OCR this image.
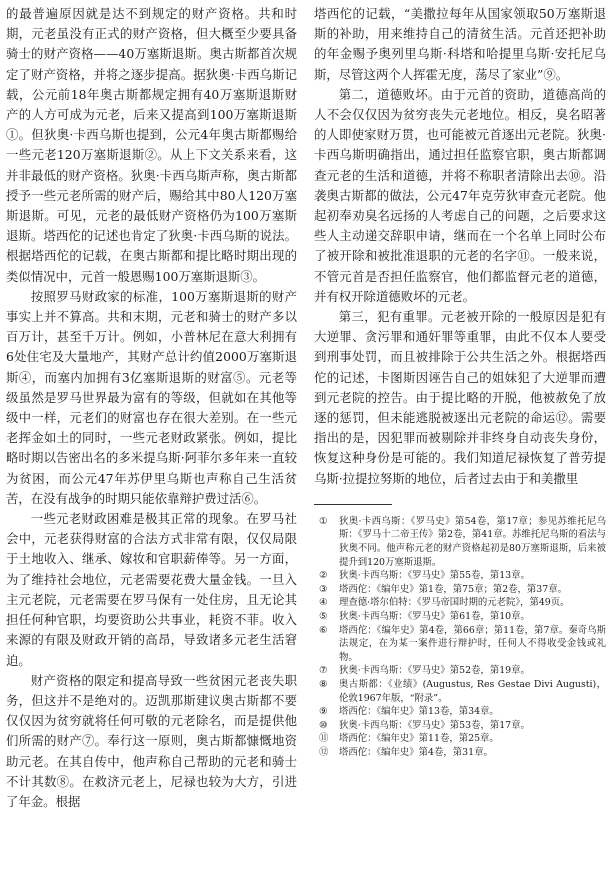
的最普遍原因就是达不到规定的财产资格。共和时期，元老虽没有正式的财产资格，但大概至少要具备骑士的财产资格——40万塞斯退斯。奥古斯都首次规定了财产资格，并将之逐步提高。据狄奥·卡西乌斯记载，公元前18年奥古斯都规定拥有40万塞斯退斯财产的人方可成为元老，后来又提高到100万塞斯退斯①。但狄奥·卡西乌斯也提到，公元4年奥古斯都赐给一些元老120万塞斯退斯②。从上下文关系来看，这并非最低的财产资格。狄奥·卡西乌斯声称，奥古斯都授予一些元老所需的财产后，赐给其中80人120万塞斯退斯。可见，元老的最低财产资格仍为100万塞斯退斯。塔西佗的记述也肯定了狄奥·卡西乌斯的说法。根据塔西佗的记载，在奥古斯都和提比略时期出现的类似情况中，元首一般恩赐100万塞斯退斯③。

按照罗马财政家的标准，100万塞斯退斯的财产事实上并不算高。共和末期，元老和骑士的财产多以百万计，甚至千万计。例如，小普林尼在意大利拥有6处住宅及大量地产，其财产总计约值2000万塞斯退斯④，而塞内加拥有3亿塞斯退斯的财富⑤。元老等级虽然是罗马世界最为富有的等级，但就如在其他等级中一样，元老们的财富也存在很大差别。在一些元老挥金如土的同时，一些元老财政紧张。例如，提比略时期以告密出名的多米提乌斯·阿菲尔多年来一直较为贫困，而公元47年苏伊里乌斯也声称自己生活贫苦，在没有战争的时期只能依靠辩护费过活⑥。

一些元老财政困难是极其正常的现象。在罗马社会中，元老获得财富的合法方式非常有限，仅仅局限于土地收入、继承、嫁妆和官职薪俸等。另一方面，为了维持社会地位，元老需要花费大量金钱。一旦入主元老院，元老需要在罗马保有一处住房，且无论其担任何种官职，均要资助公共事业，耗资不菲。收入来源的有限及财政开销的高昂，导致诸多元老生活窘迫。

财产资格的限定和提高导致一些贫困元老丧失职务，但这并不是绝对的。迈凯那斯建议奥古斯都不要仅仅因为贫穷就将任何可敬的元老除名，而是提供他们所需的财产⑦。奉行这一原则，奥古斯都慷慨地资助元老。在其自传中，他声称自己帮助的元老和骑士不计其数⑧。在救济元老上，尼禄也较为大方，引进了年金。根据

塔西佗的记载，“美撒拉每年从国家领取50万塞斯退斯的补助，用来维持自己的清贫生活。元首还把补助的年金赐予奥列里乌斯·科塔和哈提里乌斯·安托尼乌斯，尽管这两个人挥霍无度，荡尽了家业”⑨。

第二，道德败坏。由于元首的资助，道德高尚的人不会仅仅因为贫穷丧失元老地位。相反，臭名昭著的人即使家财万贯，也可能被元首逐出元老院。狄奥·卡西乌斯明确指出，通过担任监察官职，奥古斯都调查元老的生活和道德，并将不称职者清除出去⑩。沿袭奥古斯都的做法，公元47年克劳狄审查元老院。他起初奉劝臭名远扬的人考虑自己的问题，之后要求这些人主动递交辞职申请，继而在一个名单上同时公布了被开除和被批准退职的元老的名字⑪。一般来说，不管元首是否担任监察官，他们都监督元老的道德，并有权开除道德败坏的元老。

第三，犯有重罪。元老被开除的一般原因是犯有大逆罪、贪污罪和通奸罪等重罪，由此不仅本人要受到刑事处罚，而且被排除于公共生活之外。根据塔西佗的记述，卡图斯因诬告自己的姐妹犯了大逆罪而遭到元老院的控告。由于提比略的开脱，他被赦免了放逐的惩罚，但未能逃脱被逐出元老院的命运⑫。需要指出的是，因犯罪而被剔除并非终身自动丧失身份，恢复这种身份是可能的。我们知道尼禄恢复了普劳提乌斯·拉提拉努斯的地位，后者过去由于和美撒里

① 狄奥·卡西乌斯：《罗马史》第54卷，第17章；参见苏维托尼乌斯：《罗马十二帝王传》第2卷，第41章。苏维托尼乌斯的看法与狄奥不同。他声称元老的财产资格起初是80万塞斯退斯，后来被提升到120万塞斯退斯。
② 狄奥·卡西乌斯：《罗马史》第55卷，第13章。
③ 塔西佗：《编年史》第1卷，第75章；第2卷，第37章。
④ 理查德·塔尔伯特：《罗马帝国时期的元老院》，第49页。
⑤ 狄奥·卡西乌斯：《罗马史》第61卷，第10章。
⑥ 塔西佗：《编年史》第4卷，第66章；第11卷，第7章。秦奇乌斯法规定，在为某一案件进行辩护时，任何人不得收受金钱或礼物。
⑦ 狄奥·卡西乌斯：《罗马史》第52卷，第19章。
⑧ 奥古斯都：《业绩》(Augustus, Res Gestae Divi Augusti)，伦敦1967年版，“附录”。
⑨ 塔西佗：《编年史》第13卷，第34章。
⑩ 狄奥·卡西乌斯：《罗马史》第53卷，第17章。
⑪ 塔西佗：《编年史》第11卷，第25章。
⑫ 塔西佗：《编年史》第4卷，第31章。
